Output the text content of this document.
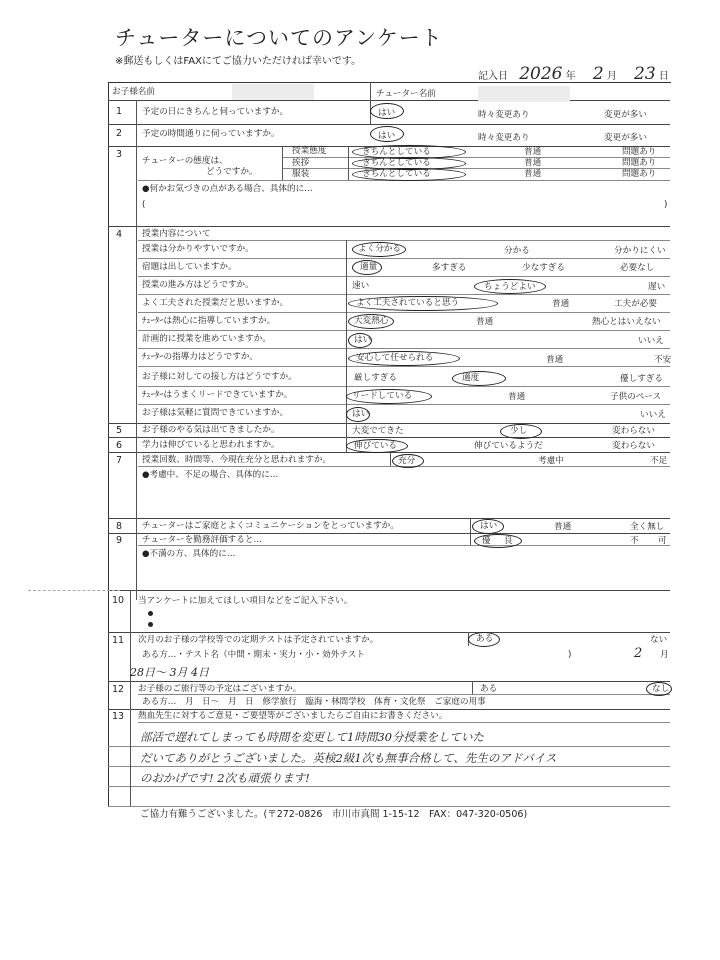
チューターについてのアンケート
※郵送もしくはFAXにてご協力いただければ幸いです。
記入日 2026 年 2 月 23 日
お子様名前	チューター名前
1	予定の日にきちんと伺っていますか。	はい	時々変更あり	変更が多い
2	予定の時間通りに伺っていますか。	はい	時々変更あり	変更が多い
3
チューターの態度は、
どうですか。
授業態度	きちんとしている	普通	問題あり
挨拶	きちんとしている	普通	問題あり
服装	きちんとしている	普通	問題あり
●何かお気づきの点がある場合、具体的に…
(	)
4	授業内容について
授業は分かりやすいですか。	よく分かる	分かる	分かりにくい
宿題は出していますか。	適量	多すぎる	少なすぎる	必要なし
授業の進み方はどうですか。	速い	ちょうどよい	遅い
よく工夫された授業だと思いますか。	よく工夫されていると思う	普通	工夫が必要
ﾁｭｰﾀｰは熱心に指導していますか。	大変熱心	普通	熱心とはいえない
計画的に授業を進めていますか。	はい	いいえ
ﾁｭｰﾀｰの指導力はどうですか。	安心して任せられる	普通	不安
お子様に対しての接し方はどうですか。	厳しすぎる	適度	優しすぎる
ﾁｭｰﾀｰはうまくリードできていますか。	リードしている	普通	子供のペース
お子様は気軽に質問できていますか。	はい	いいえ
5	お子様のやる気は出てきましたか。	大変でてきた	少し	変わらない
6	学力は伸びていると思われますか。	伸びている	伸びているようだ	変わらない
7	授業回数、時間等、今現在充分と思われますか。	充分	考慮中	不足
●考慮中、不足の場合、具体的に…
8	チューターはご家庭とよくコミュニケーションをとっていますか。	はい	普通	全く無し
9	チューターを勤務評価すると…	優 良	不 可
●不満の方、具体的に…
10	当アンケートに加えてほしい項目などをご記入下さい。
11	次月のお子様の学校等での定期テストは予定されていますか。	ある	ない
ある方…・テスト名（中間・期末・実力・小・効外テスト	)	2 月
28日～ 3月 4日
12	お子様のご旅行等の予定はございますか。	ある	なし
ある方…　月　日～　月　日　修学旅行　臨海・林間学校　体育・文化祭　ご家庭の用事
13	熱血先生に対するご意見・ご要望等がございましたらご自由にお書きください。
部活で遅れてしまっても時間を変更して1時間30分授業をしていた
だいてありがとうございました。英検2級1次も無事合格して、先生のアドバイス
のおかげです! 2次も頑張ります!
ご協力有難うございました。(〒272-0826　市川市真間 1-15-12　FAX：047-320-0506)
